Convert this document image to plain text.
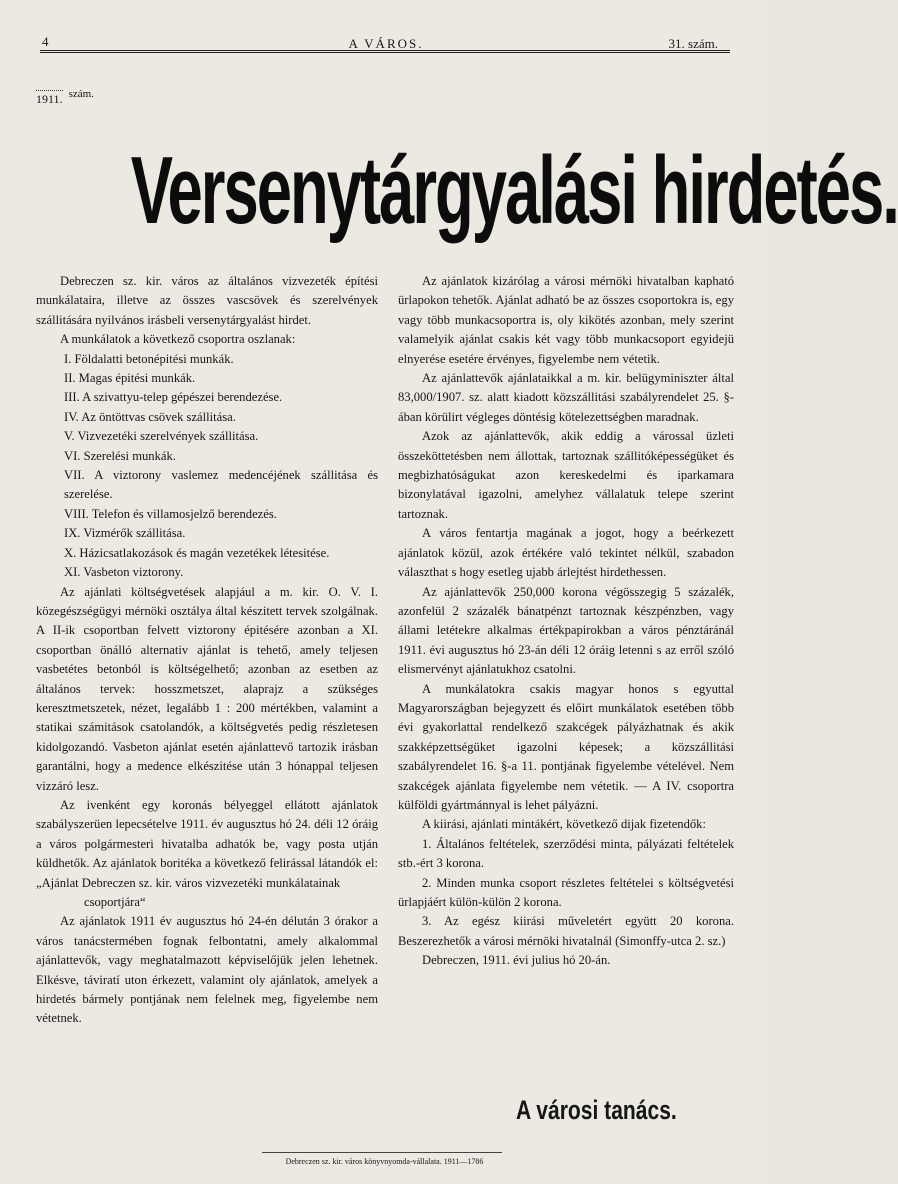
4	A VÁROS.	31. szám.
1911. szám.
Versenytárgyalási hirdetés.

Debreczen sz. kir. város az általános vizvezeték építési munkálataira, illetve az összes vascsövek és szerelvények szállitására nyilvános irásbeli versenytárgyalást hirdet.

A munkálatok a következő csoportra oszlanak:

I. Földalatti betonépitési munkák.

II. Magas épitési munkák.

III. A szivattyu-telep gépészei berendezése.

IV. Az öntöttvas csövek szállitása.

V. Vizvezetéki szerelvények szállitása.

VI. Szerelési munkák.

VII. A viztorony vaslemez medencéjének szállitása és szerelése.

VIII. Telefon és villamosjelző berendezés.

IX. Vizmérők szállitása.

X. Házicsatlakozások és magán vezetékek létesitése.

XI. Vasbeton viztorony.

Az ajánlati költségvetések alapjául a m. kir. O. V. I. közegészségügyi mérnöki osztálya által készitett tervek szolgálnak. A II-ik csoportban felvett viztorony épitésére azonban a XI. csoportban önálló alternativ ajánlat is tehető, amely teljesen vasbetétes betonból is költségelhető; azonban az esetben az általános tervek: hosszmetszet, alaprajz a szükséges keresztmetszetek, nézet, legalább 1 : 200 mértékben, valamint a statikai számitások csatolandók, a költségvetés pedig részletesen kidolgozandó. Vasbeton ajánlat esetén ajánlattevő tartozik irásban garantálni, hogy a medence elkészitése után 3 hónappal teljesen vizzáró lesz.

Az ivenként egy koronás bélyeggel ellátott ajánlatok szabályszerüen lepecsételve 1911. év augusztus hó 24. déli 12 óráig a város polgármesteri hivatalba adhatók be, vagy posta utján küldhetők. Az ajánlatok boritéka a következő felirással látandók el: „Ajánlat Debreczen sz. kir. város vizvezetéki munkálatainak

csoportjára“

Az ajánlatok 1911 év augusztus hó 24-én délután 3 órakor a város tanácstermében fognak felbontatni, amely alkalommal ajánlattevők, vagy meghatalmazott képviselőjük jelen lehetnek. Elkésve, táviratí uton érkezett, valamint oly ajánlatok, amelyek a hirdetés bármely pontjának nem felelnek meg, figyelembe nem vétetnek.

Az ajánlatok kizárólag a városi mérnöki hivatalban kapható ürlapokon tehetők. Ajánlat adható be az összes csoportokra is, egy vagy több munkacsoportra is, oly kikötés azonban, mely szerint valamelyik ajánlat csakis két vagy több munkacsoport egyidejü elnyerése esetére érvényes, figyelembe nem vétetik.

Az ajánlattevők ajánlataikkal a m. kir. belügyminiszter által 83,000/1907. sz. alatt kiadott közszállitási szabályrendelet 25. §-ában körülirt végleges döntésig kötelezettségben maradnak.

Azok az ajánlattevők, akik eddig a várossal üzleti összeköttetésben nem állottak, tartoznak szállitóképességüket és megbizhatóságukat azon kereskedelmi és iparkamara bizonylatával igazolni, amelyhez vállalatuk telepe szerint tartoznak.

A város fentartja magának a jogot, hogy a beérkezett ajánlatok közül, azok értékére való tekintet nélkül, szabadon választhat s hogy esetleg ujabb árlejtést hirdethessen.

Az ajánlattevők 250,000 korona végösszegig 5 százalék, azonfelül 2 százalék bánatpénzt tartoznak készpénzben, vagy állami letétekre alkalmas értékpapirokban a város pénztáránál 1911. évi augusztus hó 23-án déli 12 óráig letenni s az erről szóló elismervényt ajánlatukhoz csatolni.

A munkálatokra csakis magyar honos s egyuttal Magyarországban bejegyzett és előirt munkálatok esetében több évi gyakorlattal rendelkező szakcégek pályázhatnak és akik szakképzettségüket igazolni képesek; a közszállitási szabályrendelet 16. §-a 11. pontjának figyelembe vételével. Nem szakcégek ajánlata figyelembe nem vétetik. — A IV. csoportra külföldi gyártmánnyal is lehet pályázni.

A kiirási, ajánlati mintákért, következő dijak fizetendők:

1. Általános feltételek, szerződési minta, pályázati feltételek stb.-ért 3 korona.

2. Minden munka csoport részletes feltételei s költségvetési ürlapjáért külön-külön 2 korona.

3. Az egész kiirási műveletért együtt 20 korona. Beszerezhetők a városi mérnöki hivatalnál (Simonffy-utca 2. sz.)

Debreczen, 1911. évi julius hó 20-án.

A városi tanács.
Debreczen sz. kir. város könyvnyomda-vállalata. 1911—1786
